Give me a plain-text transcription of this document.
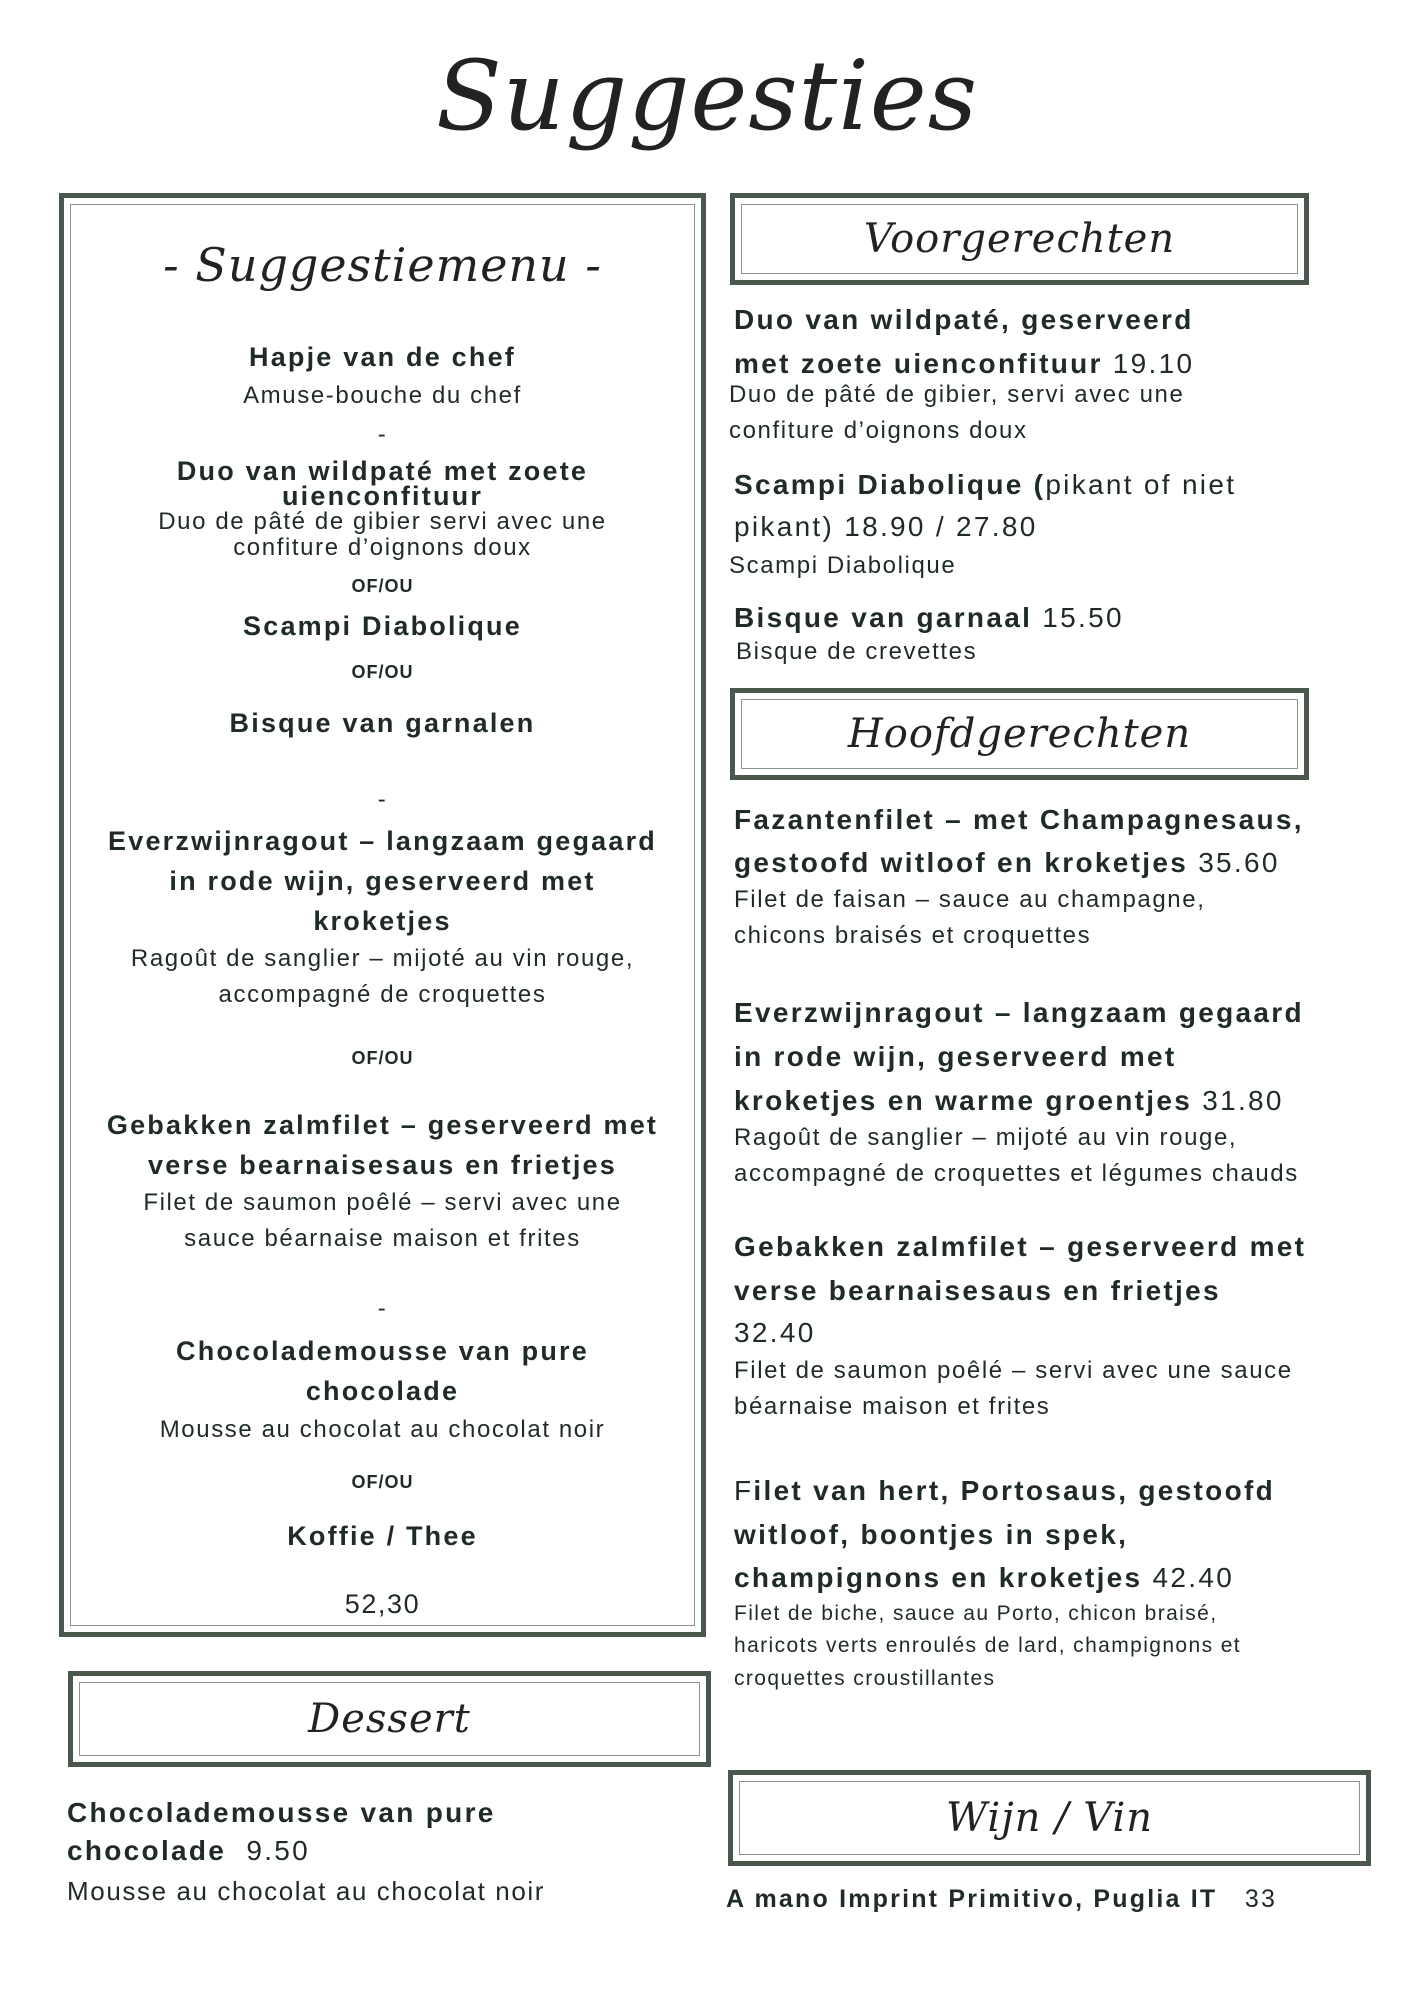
Suggesties
- Suggestiemenu -
Hapje van de chef
Amuse-bouche du chef
-
Duo van wildpaté met zoete
uienconfituur
Duo de pâté de gibier servi avec une
confiture d’oignons doux
OF/OU
Scampi Diabolique
OF/OU
Bisque van garnalen
-
Everzwijnragout – langzaam gegaard
in rode wijn, geserveerd met
kroketjes
Ragoût de sanglier – mijoté au vin rouge,
accompagné de croquettes
OF/OU
Gebakken zalmfilet – geserveerd met
verse bearnaisesaus en frietjes
Filet de saumon poêlé – servi avec une
sauce béarnaise maison et frites
-
Chocolademousse van pure
chocolade
Mousse au chocolat au chocolat noir
OF/OU
Koffie / Thee
52,30
Voorgerechten
Duo van wildpaté, geserveerd
met zoete uienconfituur 19.10
Duo de pâté de gibier, servi avec une
confiture d’oignons doux
Scampi Diabolique (pikant of niet
pikant) 18.90 / 27.80
Scampi Diabolique
Bisque van garnaal 15.50
Bisque de crevettes
Hoofdgerechten
Fazantenfilet – met Champagnesaus,
gestoofd witloof en kroketjes 35.60
Filet de faisan – sauce au champagne,
chicons braisés et croquettes
Everzwijnragout – langzaam gegaard
in rode wijn, geserveerd met
kroketjes en warme groentjes 31.80
Ragoût de sanglier – mijoté au vin rouge,
accompagné de croquettes et légumes chauds
Gebakken zalmfilet – geserveerd met
verse bearnaisesaus en frietjes
32.40
Filet de saumon poêlé – servi avec une sauce
béarnaise maison et frites
Filet van hert, Portosaus, gestoofd
witloof, boontjes in spek,
champignons en kroketjes 42.40
Filet de biche, sauce au Porto, chicon braisé,
haricots verts enroulés de lard, champignons et
croquettes croustillantes
Dessert
Chocolademousse van pure
chocolade 9.50
Mousse au chocolat au chocolat noir
Wijn / Vin
A mano Imprint Primitivo, Puglia IT 33
